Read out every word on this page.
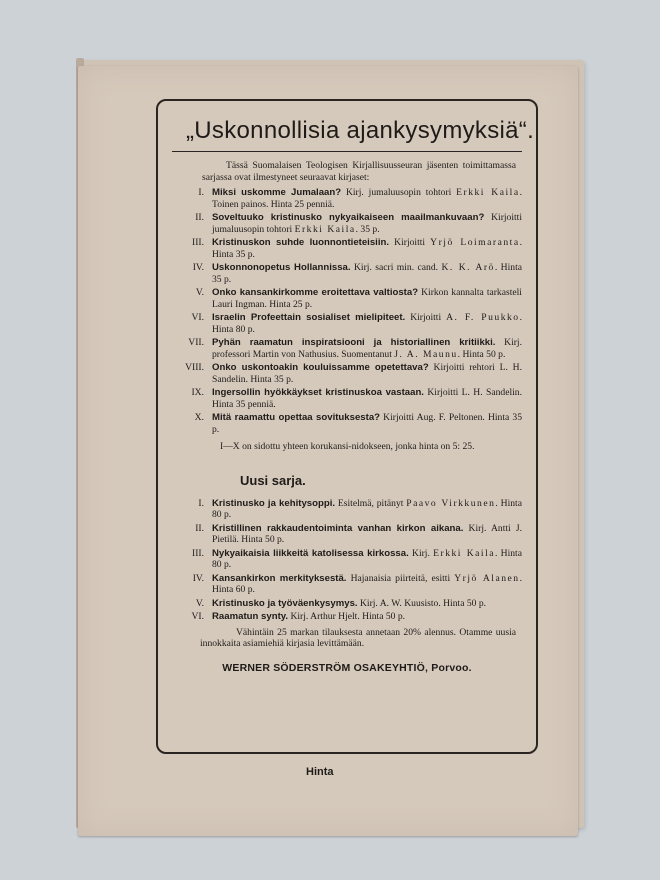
„Uskonnollisia ajankysymyksiä“.
Tässä Suomalaisen Teologisen Kirjallisuusseuran jäsenten toimittamassa sarjassa ovat ilmestyneet seuraavat kirjaset:
I. Miksi uskomme Jumalaan? Kirj. jumaluusopin tohtori Erkki Kaila. Toinen painos. Hinta 25 penniä.
II. Soveltuuko kristinusko nykyaikaiseen maailmankuvaan? Kirjoitti jumaluusopin tohtori Erkki Kaila. 35 p.
III. Kristinuskon suhde luonnontieteisiin. Kirjoitti Yrjö Loimaranta. Hinta 35 p.
IV. Uskonnonopetus Hollannissa. Kirj. sacri min. cand. K. K. Arö. Hinta 35 p.
V. Onko kansankirkomme eroitettava valtiosta? Kirkon kannalta tarkasteli Lauri Ingman. Hinta 25 p.
VI. Israelin Profeettain sosialiset mielipiteet. Kirjoitti A. F. Puukko. Hinta 80 p.
VII. Pyhän raamatun inspiratsiooni ja historiallinen kritiikki. Kirj. professori Martin von Nathusius. Suomentanut J. A. Maunu. Hinta 50 p.
VIII. Onko uskontoakin kouluissamme opetettava? Kirjoitti rehtori L. H. Sandelin. Hinta 35 p.
IX. Ingersollin hyökkäykset kristinuskoa vastaan. Kirjoitti L. H. Sandelin. Hinta 35 penniä.
X. Mitä raamattu opettaa sovituksesta? Kirjoitti Aug. F. Peltonen. Hinta 35 p.
I—X on sidottu yhteen korukansi-nidokseen, jonka hinta on 5: 25.
Uusi sarja.
I. Kristinusko ja kehitysoppi. Esitelmä, pitänyt Paavo Virkkunen. Hinta 80 p.
II. Kristillinen rakkaudentoiminta vanhan kirkon aikana. Kirj. Antti J. Pietilä. Hinta 50 p.
III. Nykyaikaisia liikkeitä katolisessa kirkossa. Kirj. Erkki Kaila. Hinta 80 p.
IV. Kansankirkon merkityksestä. Hajanaisia piirteitä, esitti Yrjö Alanen. Hinta 60 p.
V. Kristinusko ja työväenkysymys. Kirj. A. W. Kuusisto. Hinta 50 p.
VI. Raamatun synty. Kirj. Arthur Hjelt. Hinta 50 p.
Vähintäin 25 markan tilauksesta annetaan 20% alennus. Otamme uusia innokkaita asiamiehiä kirjasia levittämään.
WERNER SÖDERSTRÖM OSAKEYHTIÖ, Porvoo.
Hinta
